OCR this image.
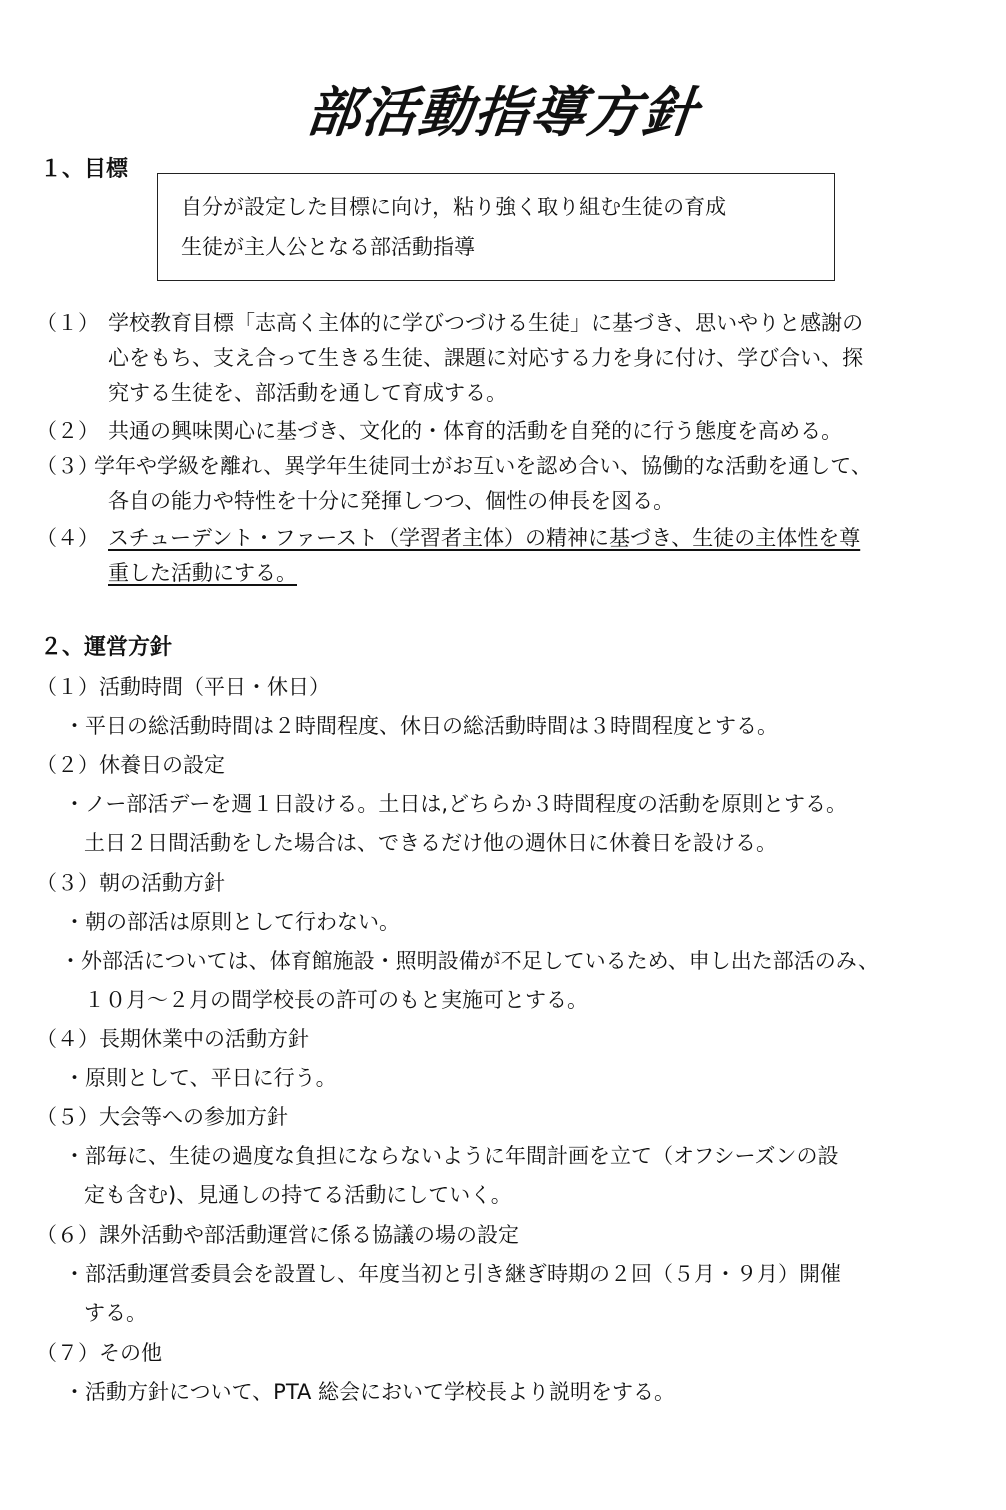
部活動指導方針
１、目標
自分が設定した目標に向け，粘り強く取り組む生徒の育成
生徒が主人公となる部活動指導
（１） 学校教育目標「志高く主体的に学びつづける生徒」に基づき、思いやりと感謝の
心をもち、支え合って生きる生徒、課題に対応する力を身に付け、学び合い、探
究する生徒を、部活動を通して育成する。
（２） 共通の興味関心に基づき、文化的・体育的活動を自発的に行う態度を高める。
（３）
学年や学級を離れ、異学年生徒同士がお互いを認め合い、協働的な活動を通して、
各自の能力や特性を十分に発揮しつつ、個性の伸長を図る。
（４） スチューデント・ファースト（学習者主体）の精神に基づき、生徒の主体性を尊
重した活動にする。
２、運営方針
（１）活動時間（平日・休日）
・平日の総活動時間は２時間程度、休日の総活動時間は３時間程度とする。
（２）休養日の設定
・ノー部活デーを週１日設ける。土日は,どちらか３時間程度の活動を原則とする。
土日２日間活動をした場合は、できるだけ他の週休日に休養日を設ける。
（３）朝の活動方針
・朝の部活は原則として行わない。
・外部活については、体育館施設・照明設備が不足しているため、申し出た部活のみ、
１０月～２月の間学校長の許可のもと実施可とする。
（４）長期休業中の活動方針
・原則として、平日に行う。
（５）大会等への参加方針
・部毎に、生徒の過度な負担にならないように年間計画を立て（オフシーズンの設
定も含む)、見通しの持てる活動にしていく。
（６）課外活動や部活動運営に係る協議の場の設定
・部活動運営委員会を設置し、年度当初と引き継ぎ時期の２回（５月・９月）開催
する。
（７）その他
・活動方針について、PTA 総会において学校長より説明をする。
